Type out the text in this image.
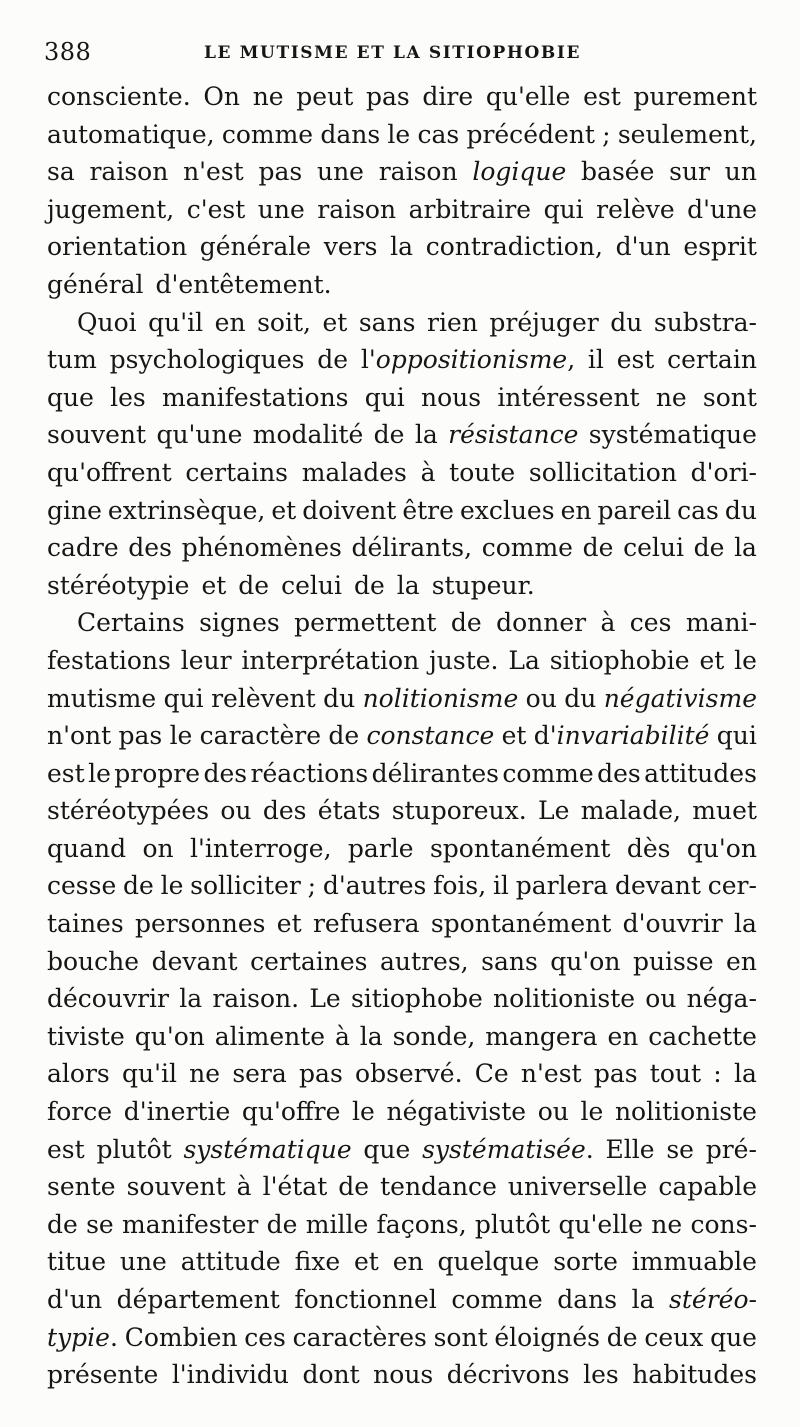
388	LE MUTISME ET LA SITIOPHOBIE
consciente. On ne peut pas dire qu'elle est purement
automatique, comme dans le cas précédent ; seulement,
sa raison n'est pas une raison logique basée sur un
jugement, c'est une raison arbitraire qui relève d'une
orientation générale vers la contradiction, d'un esprit
général d'entêtement.
Quoi qu'il en soit, et sans rien préjuger du substra-
tum psychologiques de l'oppositionisme, il est certain
que les manifestations qui nous intéressent ne sont
souvent qu'une modalité de la résistance systématique
qu'offrent certains malades à toute sollicitation d'ori-
gine extrinsèque, et doivent être exclues en pareil cas du
cadre des phénomènes délirants, comme de celui de la
stéréotypie et de celui de la stupeur.
Certains signes permettent de donner à ces mani-
festations leur interprétation juste. La sitiophobie et le
mutisme qui relèvent du nolitionisme ou du négativisme
n'ont pas le caractère de constance et d'invariabilité qui
est le propre des réactions délirantes comme des attitudes
stéréotypées ou des états stuporeux. Le malade, muet
quand on l'interroge, parle spontanément dès qu'on
cesse de le solliciter ; d'autres fois, il parlera devant cer-
taines personnes et refusera spontanément d'ouvrir la
bouche devant certaines autres, sans qu'on puisse en
découvrir la raison. Le sitiophobe nolitioniste ou néga-
tiviste qu'on alimente à la sonde, mangera en cachette
alors qu'il ne sera pas observé. Ce n'est pas tout : la
force d'inertie qu'offre le négativiste ou le nolitioniste
est plutôt systématique que systématisée. Elle se pré-
sente souvent à l'état de tendance universelle capable
de se manifester de mille façons, plutôt qu'elle ne cons-
titue une attitude fixe et en quelque sorte immuable
d'un département fonctionnel comme dans la stéréo-
typie. Combien ces caractères sont éloignés de ceux que
présente l'individu dont nous décrivons les habitudes
